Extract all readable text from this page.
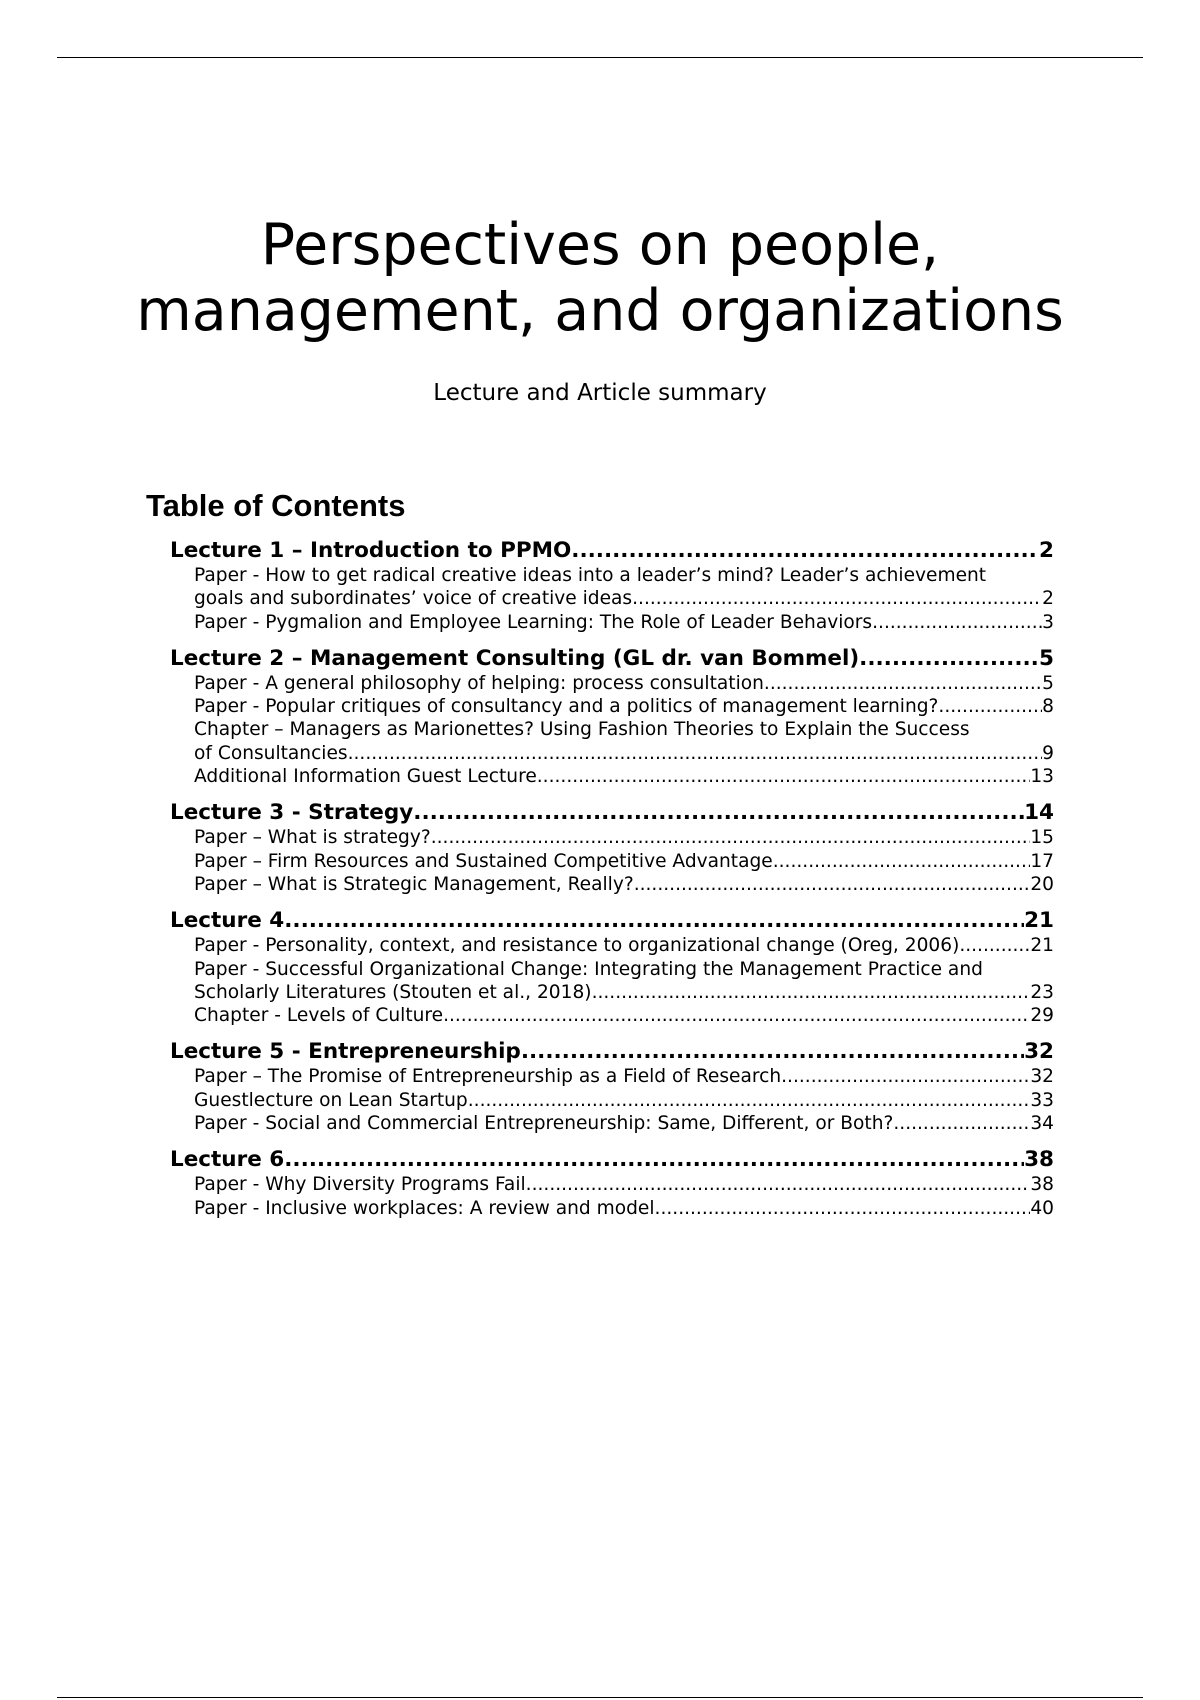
Perspectives on people,
management, and organizations
Lecture and Article summary
Table of Contents
Lecture 1 – Introduction to PPMO .....	2
Paper - How to get radical creative ideas into a leader’s mind? Leader’s achievement
goals and subordinates’ voice of creative ideas .....	2
Paper - Pygmalion and Employee Learning: The Role of Leader Behaviors .....	3
Lecture 2 – Management Consulting (GL dr. van Bommel) .....	5
Paper - A general philosophy of helping: process consultation .....	5
Paper - Popular critiques of consultancy and a politics of management learning? .....	8
Chapter – Managers as Marionettes? Using Fashion Theories to Explain the Success
of Consultancies .....	9
Additional Information Guest Lecture .....	13
Lecture 3 - Strategy .....	14
Paper – What is strategy? .....	15
Paper – Firm Resources and Sustained Competitive Advantage .....	17
Paper – What is Strategic Management, Really? .....	20
Lecture 4 .....	21
Paper - Personality, context, and resistance to organizational change (Oreg, 2006) .....	21
Paper - Successful Organizational Change: Integrating the Management Practice and
Scholarly Literatures (Stouten et al., 2018) .....	23
Chapter - Levels of Culture .....	29
Lecture 5 - Entrepreneurship .....	32
Paper – The Promise of Entrepreneurship as a Field of Research .....	32
Guestlecture on Lean Startup .....	33
Paper - Social and Commercial Entrepreneurship: Same, Different, or Both? .....	34
Lecture 6 .....	38
Paper - Why Diversity Programs Fail .....	38
Paper - Inclusive workplaces: A review and model .....	40
